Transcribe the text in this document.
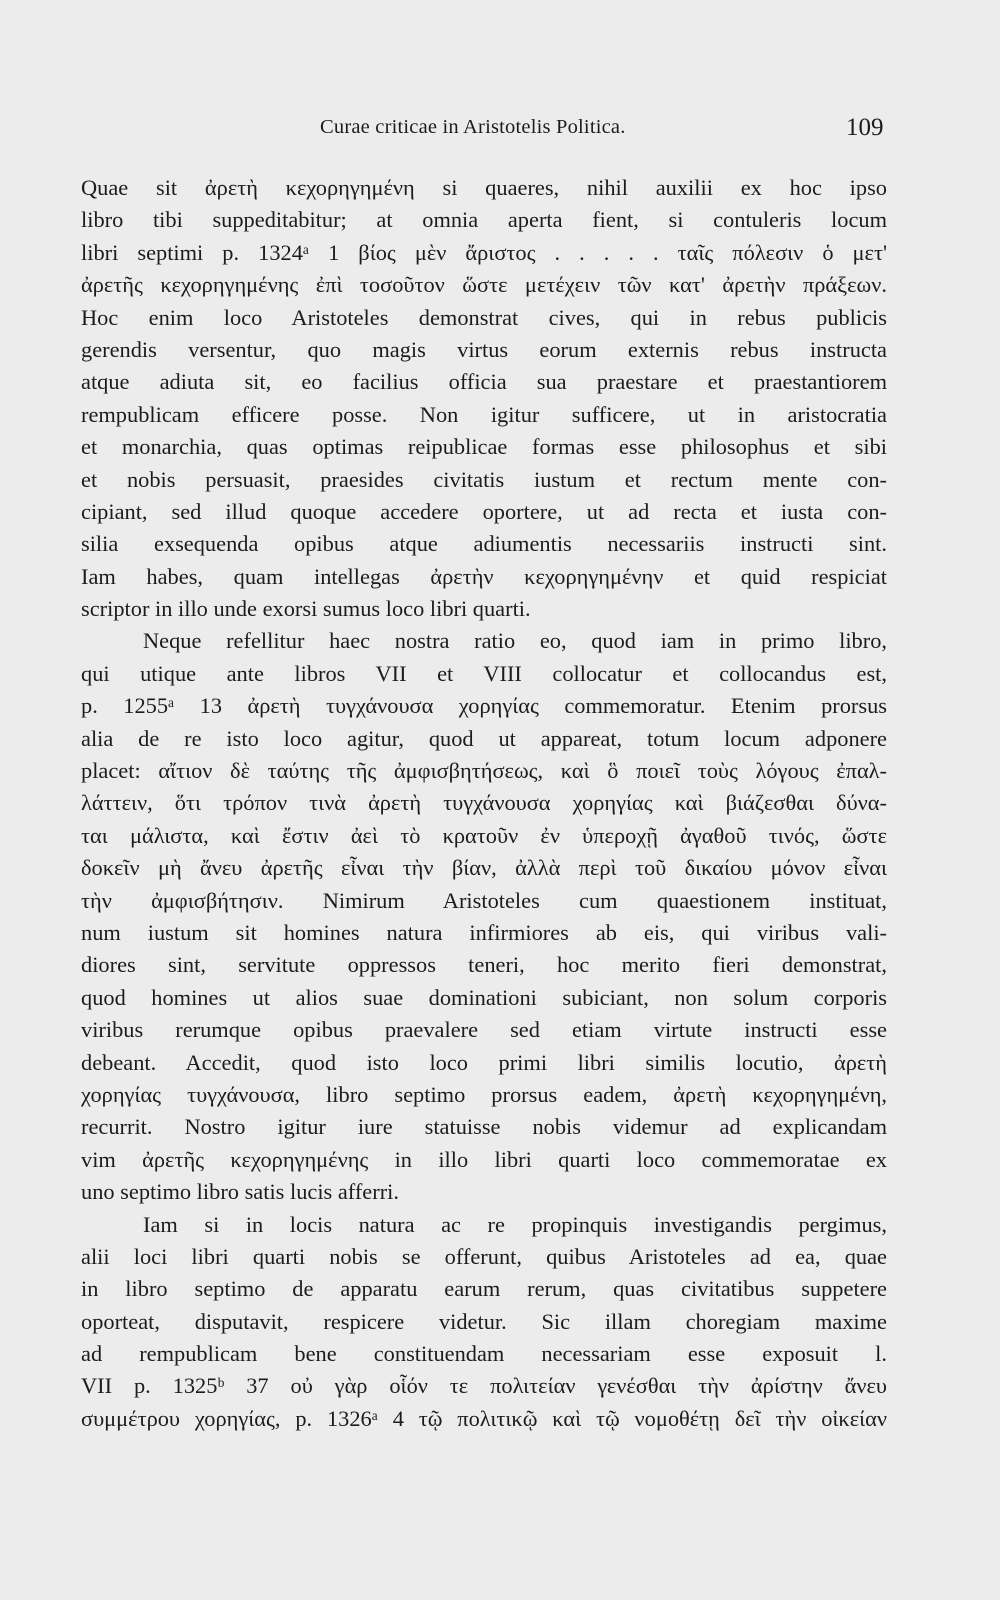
Curae criticae in Aristotelis Politica.	109
Quae sit ἀρετὴ κεχορηγημένη si quaeres, nihil auxilii ex hoc ipso
libro tibi suppeditabitur; at omnia aperta fient, si contuleris locum
libri septimi p. 1324ᵃ 1 βίος μὲν ἄριστος . . . . . ταῖς πόλεσιν ὁ μετ'
ἀρετῆς κεχορηγημένης ἐπὶ τοσοῦτον ὥστε μετέχειν τῶν κατ' ἀρετὴν πράξεων.
Hoc enim loco Aristoteles demonstrat cives, qui in rebus publicis
gerendis versentur, quo magis virtus eorum externis rebus instructa
atque adiuta sit, eo facilius officia sua praestare et praestantiorem
rempublicam efficere posse. Non igitur sufficere, ut in aristocratia
et monarchia, quas optimas reipublicae formas esse philosophus et sibi
et nobis persuasit, praesides civitatis iustum et rectum mente con-
cipiant, sed illud quoque accedere oportere, ut ad recta et iusta con-
silia exsequenda opibus atque adiumentis necessariis instructi sint.
Iam habes, quam intellegas ἀρετὴν κεχορηγημένην et quid respiciat
scriptor in illo unde exorsi sumus loco libri quarti.
Neque refellitur haec nostra ratio eo, quod iam in primo libro,
qui utique ante libros VII et VIII collocatur et collocandus est,
p. 1255ᵃ 13 ἀρετὴ τυγχάνουσα χορηγίας commemoratur. Etenim prorsus
alia de re isto loco agitur, quod ut appareat, totum locum adponere
placet: αἴτιον δὲ ταύτης τῆς ἀμφισβητήσεως, καὶ ὃ ποιεῖ τοὺς λόγους ἐπαλ-
λάττειν, ὅτι τρόπον τινὰ ἀρετὴ τυγχάνουσα χορηγίας καὶ βιάζεσθαι δύνα-
ται μάλιστα, καὶ ἔστιν ἀεὶ τὸ κρατοῦν ἐν ὑπεροχῇ ἀγαθοῦ τινός, ὥστε
δοκεῖν μὴ ἄνευ ἀρετῆς εἶναι τὴν βίαν, ἀλλὰ περὶ τοῦ δικαίου μόνον εἶναι
τὴν ἀμφισβήτησιν. Nimirum Aristoteles cum quaestionem instituat,
num iustum sit homines natura infirmiores ab eis, qui viribus vali-
diores sint, servitute oppressos teneri, hoc merito fieri demonstrat,
quod homines ut alios suae dominationi subiciant, non solum corporis
viribus rerumque opibus praevalere sed etiam virtute instructi esse
debeant. Accedit, quod isto loco primi libri similis locutio, ἀρετὴ
χορηγίας τυγχάνουσα, libro septimo prorsus eadem, ἀρετὴ κεχορηγημένη,
recurrit. Nostro igitur iure statuisse nobis videmur ad explicandam
vim ἀρετῆς κεχορηγημένης in illo libri quarti loco commemoratae ex
uno septimo libro satis lucis afferri.
Iam si in locis natura ac re propinquis investigandis pergimus,
alii loci libri quarti nobis se offerunt, quibus Aristoteles ad ea, quae
in libro septimo de apparatu earum rerum, quas civitatibus suppetere
oporteat, disputavit, respicere videtur. Sic illam choregiam maxime
ad rempublicam bene constituendam necessariam esse exposuit l.
VII p. 1325ᵇ 37 οὐ γὰρ οἷόν τε πολιτείαν γενέσθαι τὴν ἀρίστην ἄνευ
συμμέτρου χορηγίας, p. 1326ᵃ 4 τῷ πολιτικῷ καὶ τῷ νομοθέτῃ δεῖ τὴν οἰκείαν
